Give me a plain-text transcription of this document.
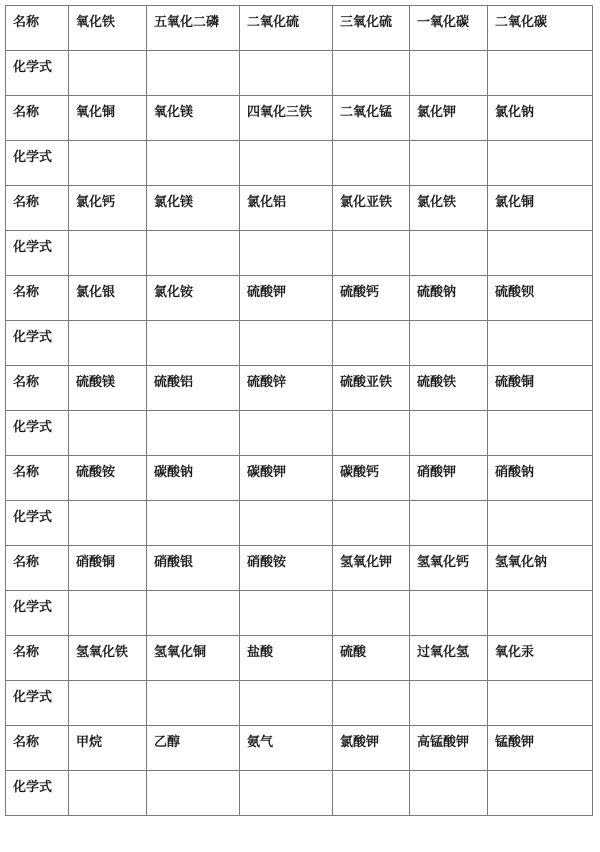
名称	氧化铁	五氧化二磷	二氧化硫	三氧化硫	一氧化碳	二氧化碳	

化学式							

名称	氧化铜	氧化镁	四氧化三铁	二氧化锰	氯化钾	氯化钠	

化学式							

名称	氯化钙	氯化镁	氯化铝	氯化亚铁	氯化铁	氯化铜	

化学式							

名称	氯化银	氯化铵	硫酸钾	硫酸钙	硫酸钠	硫酸钡	

化学式							

名称	硫酸镁	硫酸铝	硫酸锌	硫酸亚铁	硫酸铁	硫酸铜	

化学式							

名称	硫酸铵	碳酸钠	碳酸钾	碳酸钙	硝酸钾	硝酸钠	

化学式							

名称	硝酸铜	硝酸银	硝酸铵	氢氧化钾	氢氧化钙	氢氧化钠	

化学式							

名称	氢氧化铁	氢氧化铜	盐酸	硫酸	过氧化氢	氧化汞	

化学式							

名称	甲烷	乙醇	氨气	氯酸钾	高锰酸钾	锰酸钾	

化学式							
